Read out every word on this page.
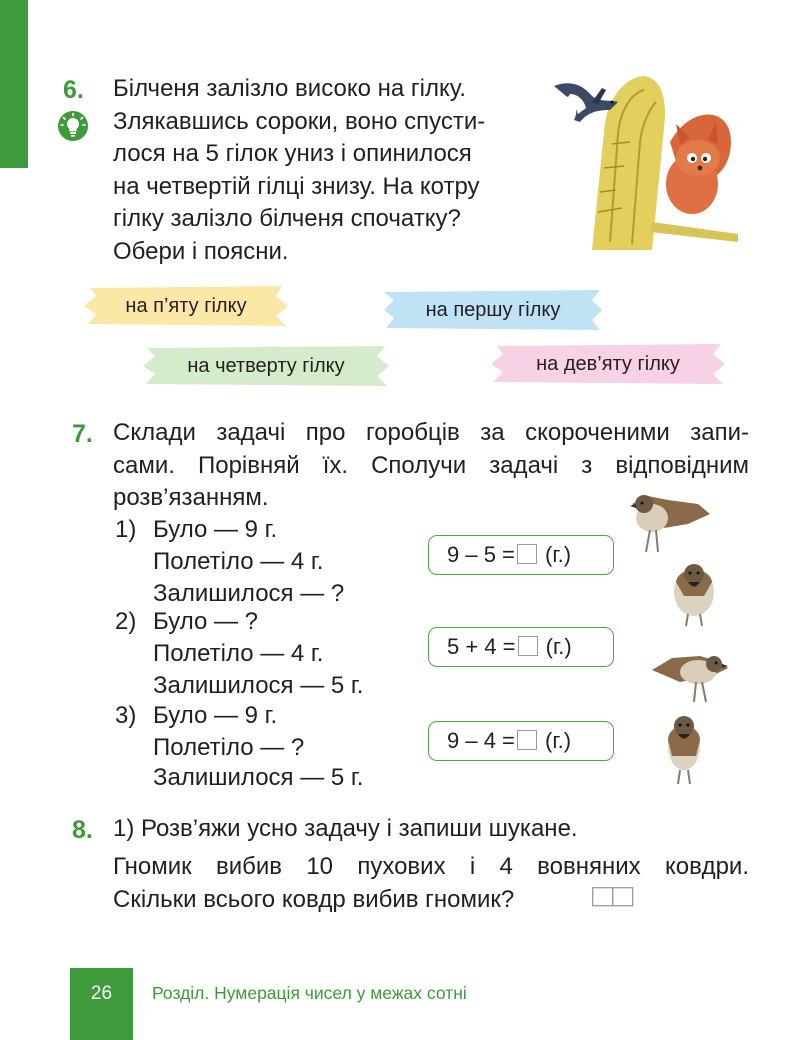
6. Білченя залізло високо на гілку.
Злякавшись сороки, воно спусти-
лося на 5 гілок униз і опинилося
на четвертій гілці знизу. На котру
гілку залізло білченя спочатку?
Обери і поясни.
на п’яту гілку	на першу гілку
на четверту гілку	на дев’яту гілку
7. Склади задачі про горобців за скороченими запи-
сами. Порівняй їх. Сполучи задачі з відповідним
розв’язанням.
1) Було — 9 г.
Полетіло — 4 г.
Залишилося — ?
2) Було — ?
Полетіло — 4 г.
Залишилося — 5 г.
3) Було — 9 г.
Полетіло — ?
Залишилося — 5 г.
9 – 5 = (г.)
5 + 4 = (г.)
9 – 4 = (г.)
8. 1) Розв’яжи усно задачу і запиши шукане.
Гномик вибив 10 пухових і 4 вовняних ковдри.
Скільки всього ковдр вибив гномик?
26	Розділ. Нумерація чисел у межах сотні
